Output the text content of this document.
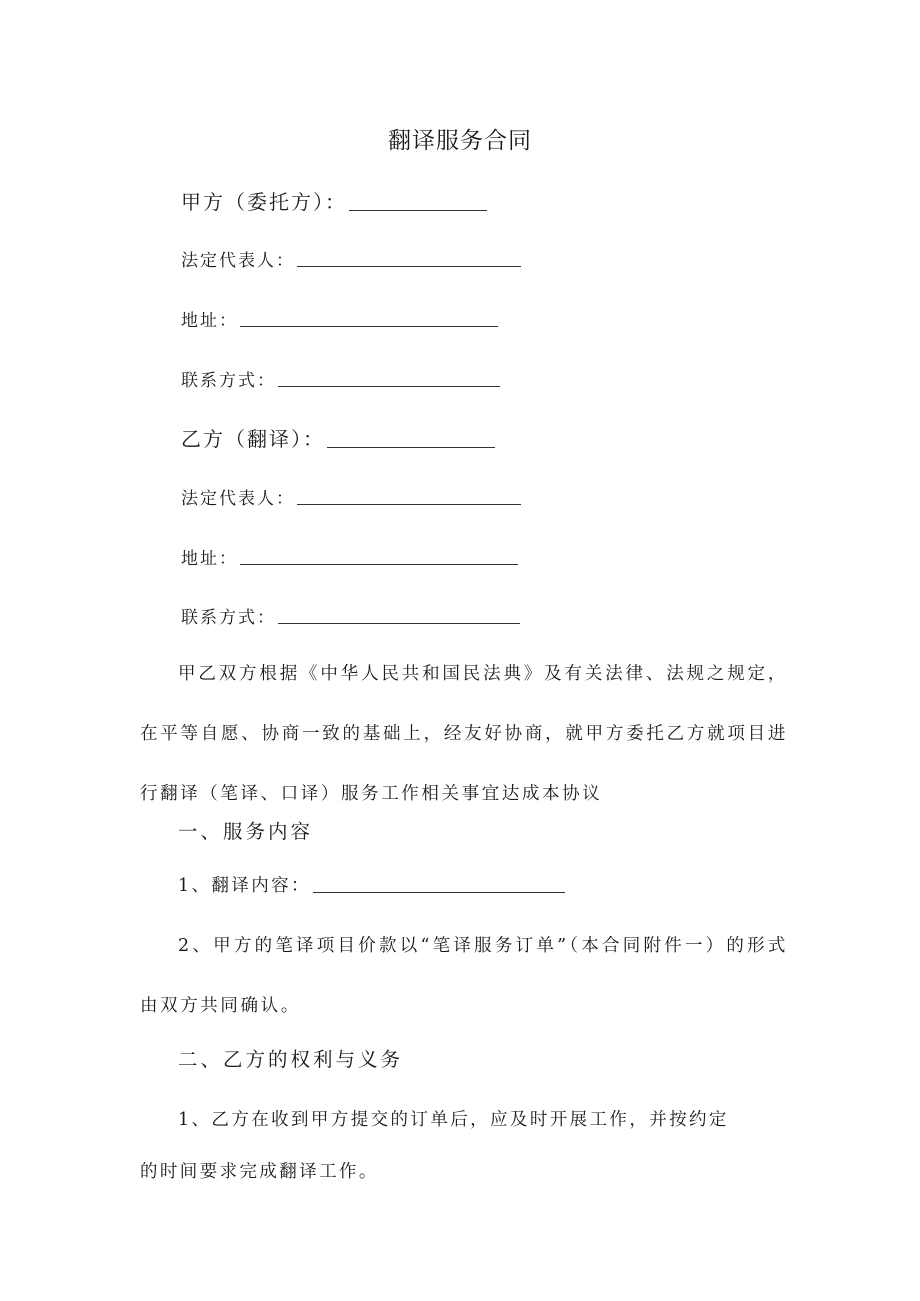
翻译服务合同
甲方（委托方）：
法定代表人：
地址：
联系方式：
乙方（翻译）：
法定代表人：
地址：
联系方式：
甲乙双方根据《中华人民共和国民法典》及有关法律、法规之规定，在平等自愿、协商一致的基础上，经友好协商，就甲方委托乙方就项目进行翻译（笔译、口译）服务工作相关事宜达成本协议
一、服务内容
1、翻译内容：
2、甲方的笔译项目价款以“笔译服务订单”（本合同附件一）的形式由双方共同确认。
二、乙方的权利与义务
1、乙方在收到甲方提交的订单后，应及时开展工作，并按约定
的时间要求完成翻译工作。
